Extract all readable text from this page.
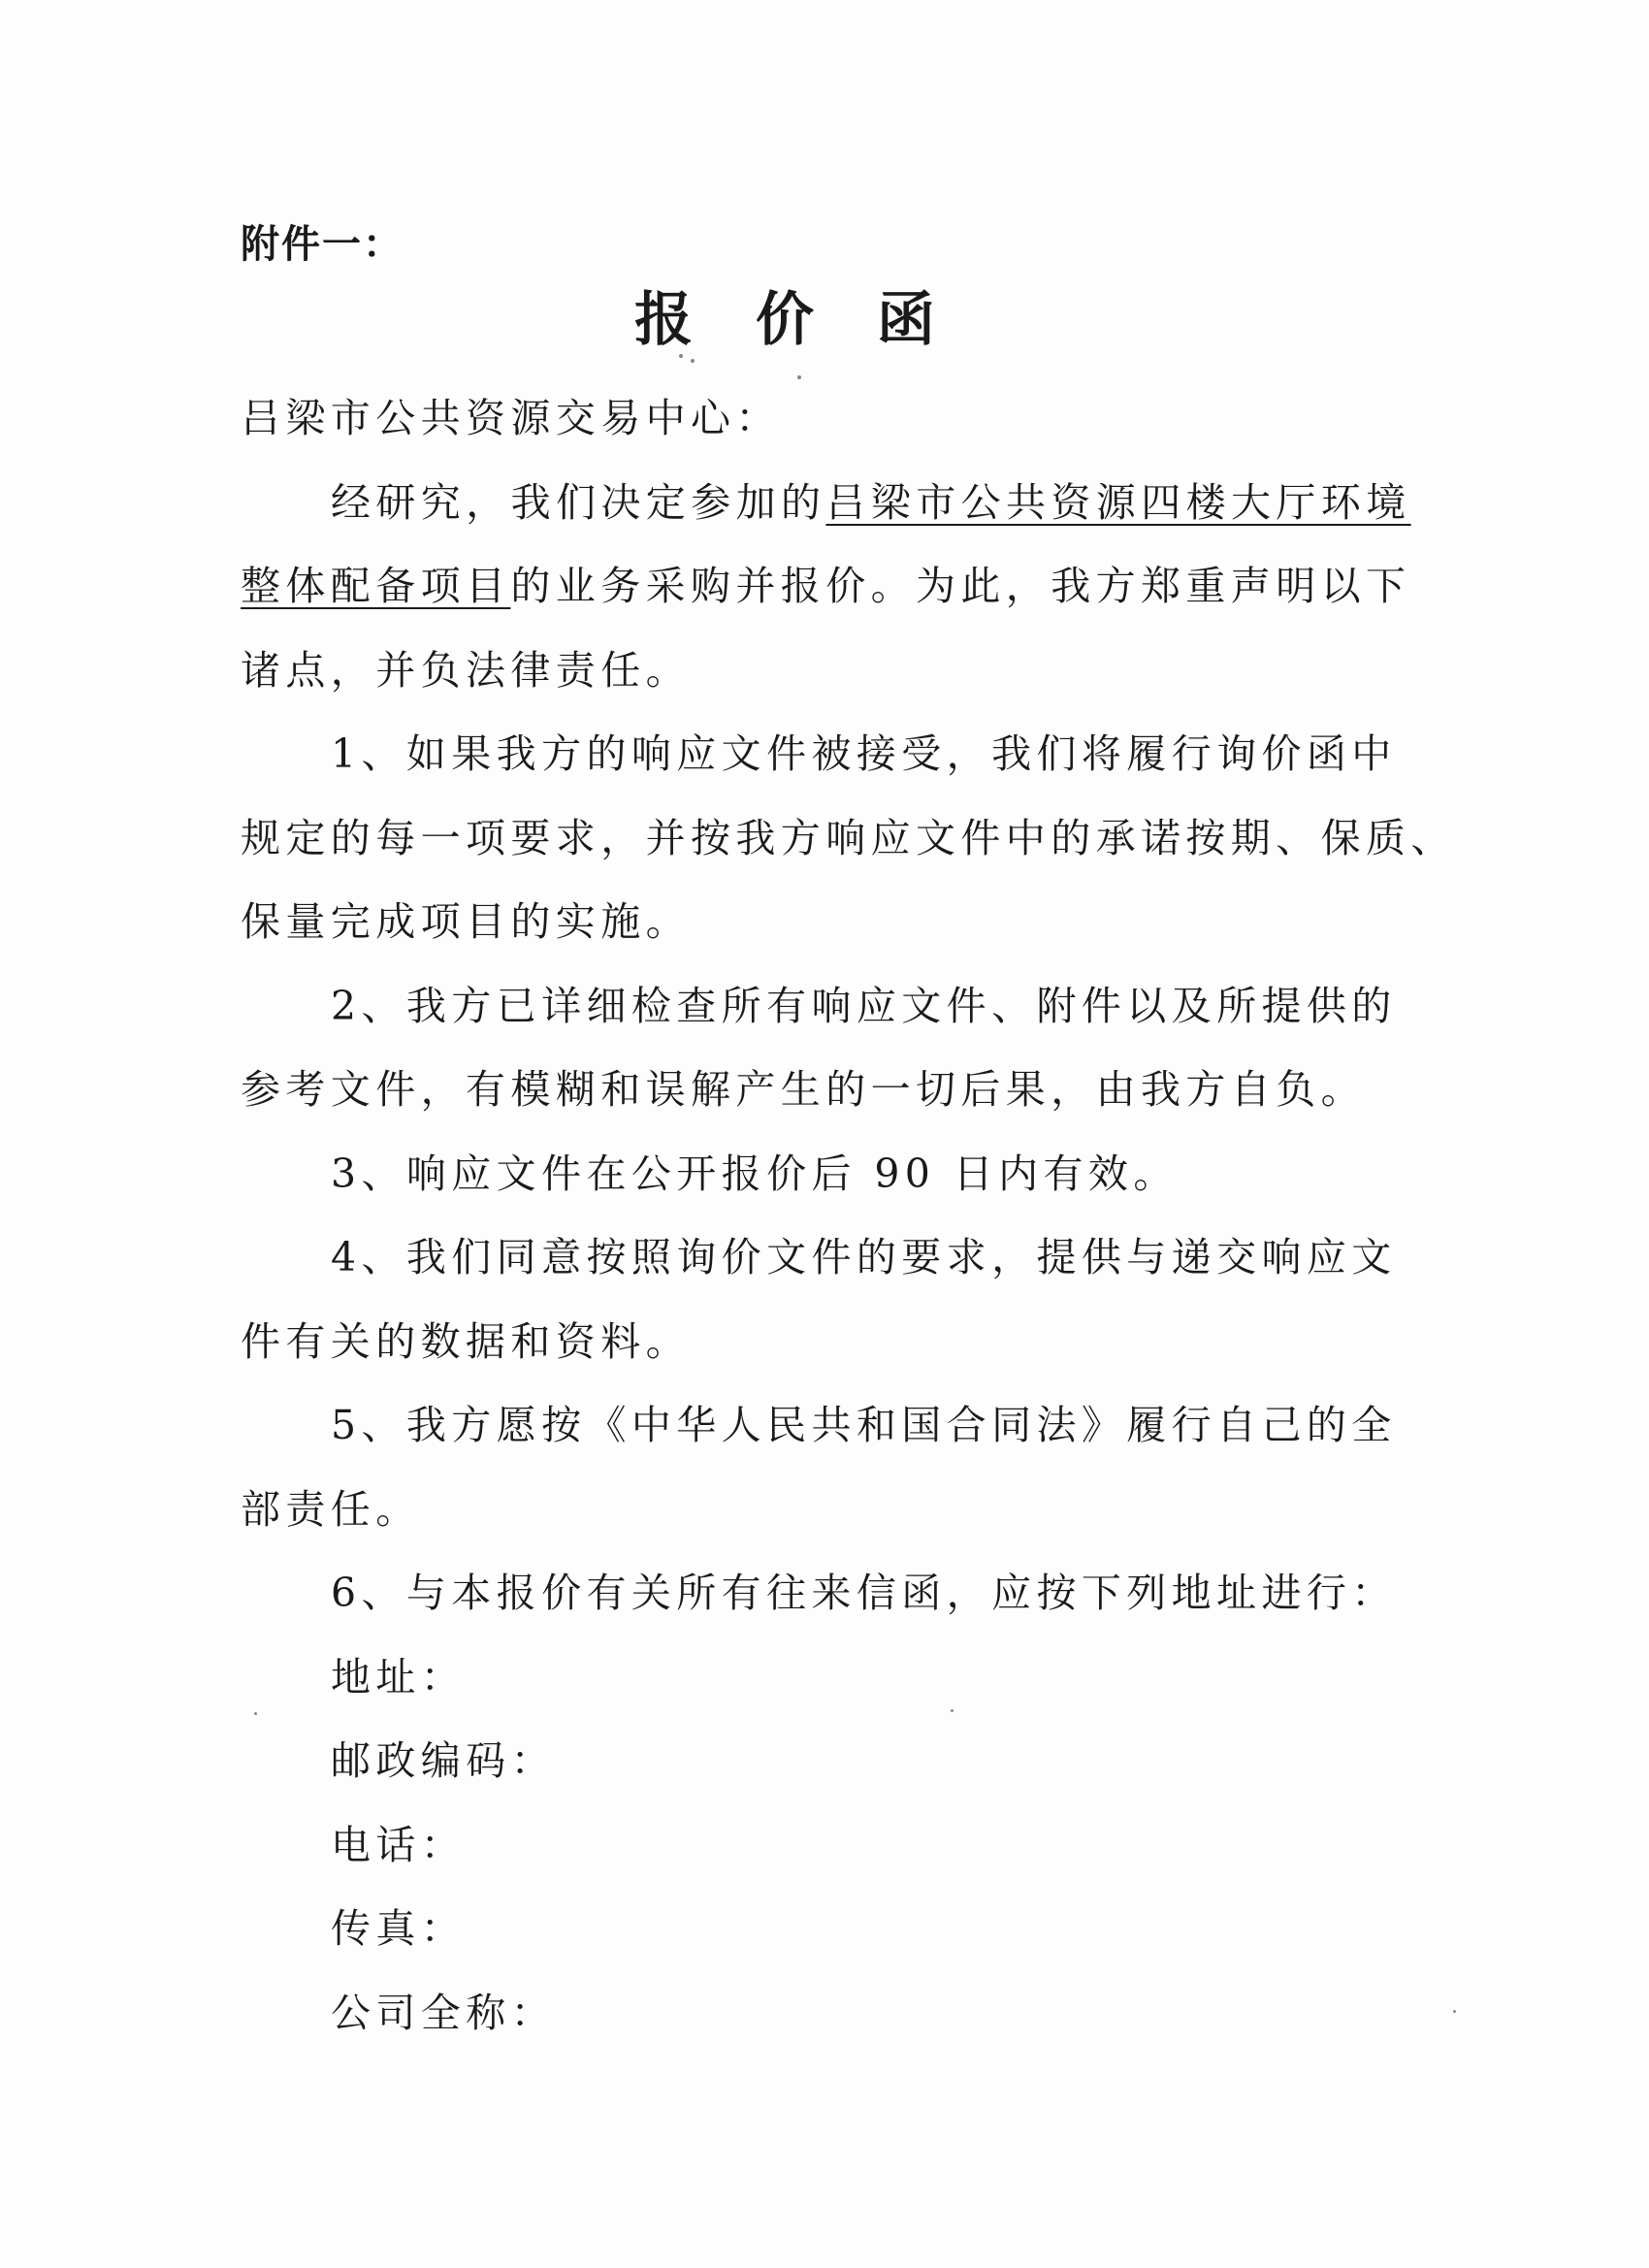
附件一：
报 价 函
吕梁市公共资源交易中心：
经研究，我们决定参加的吕梁市公共资源四楼大厅环境
整体配备项目的业务采购并报价。为此，我方郑重声明以下
诸点，并负法律责任。
1、如果我方的响应文件被接受，我们将履行询价函中
规定的每一项要求，并按我方响应文件中的承诺按期、保质、
保量完成项目的实施。
2、我方已详细检查所有响应文件、附件以及所提供的
参考文件，有模糊和误解产生的一切后果，由我方自负。
3、响应文件在公开报价后 90 日内有效。
4、我们同意按照询价文件的要求，提供与递交响应文
件有关的数据和资料。
5、我方愿按《中华人民共和国合同法》履行自己的全
部责任。
6、与本报价有关所有往来信函，应按下列地址进行：
地址：
邮政编码：
电话：
传真：
公司全称：
